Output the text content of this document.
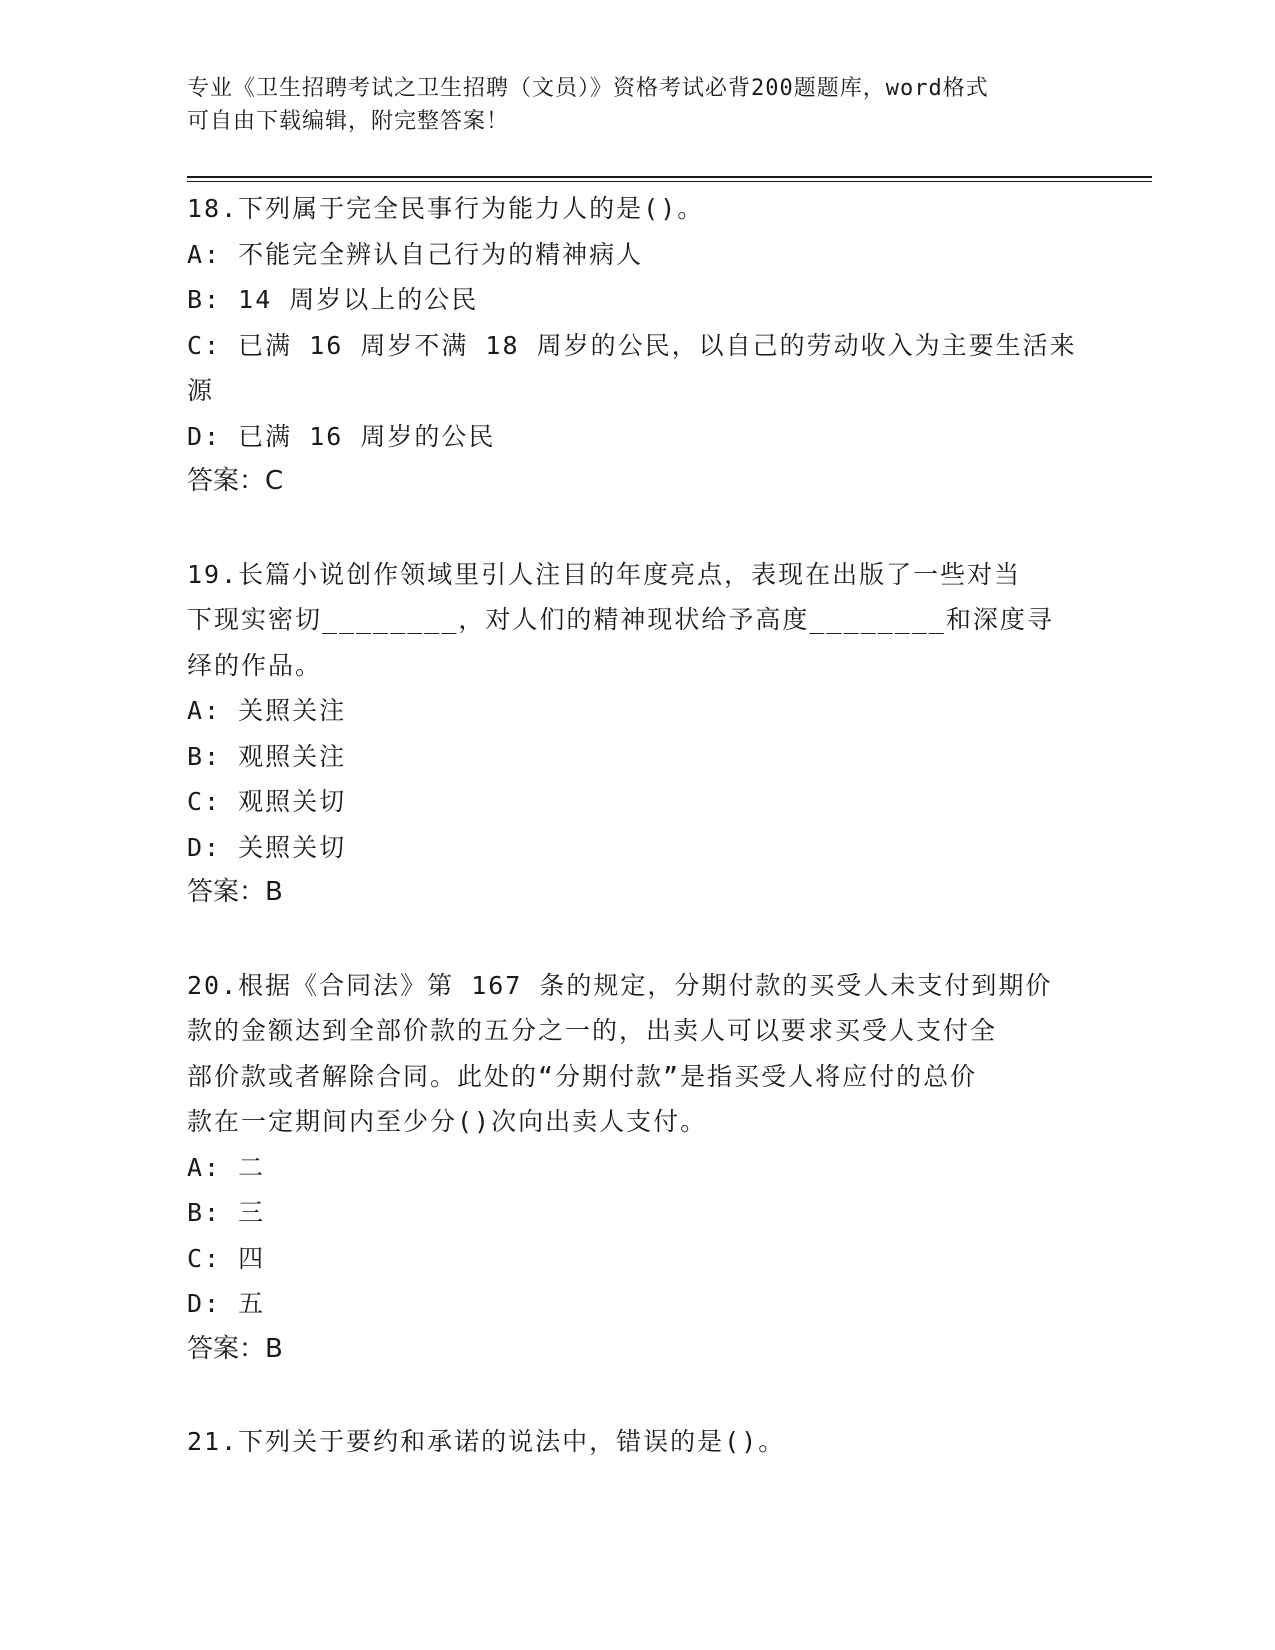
专业《卫生招聘考试之卫生招聘（文员）》资格考试必背200题题库，word格式
可自由下载编辑，附完整答案！

18.下列属于完全民事行为能力人的是()。

A: 不能完全辨认自己行为的精神病人

B: 14 周岁以上的公民

C: 已满 16 周岁不满 18 周岁的公民，以自己的劳动收入为主要生活来

源

D: 已满 16 周岁的公民

答案：C

19.长篇小说创作领域里引人注目的年度亮点，表现在出版了一些对当

下现实密切________，对人们的精神现状给予高度________和深度寻

绎的作品。

A: 关照关注

B: 观照关注

C: 观照关切

D: 关照关切

答案：B

20.根据《合同法》第 167 条的规定，分期付款的买受人未支付到期价

款的金额达到全部价款的五分之一的，出卖人可以要求买受人支付全

部价款或者解除合同。此处的“分期付款”是指买受人将应付的总价

款在一定期间内至少分()次向出卖人支付。

A: 二

B: 三

C: 四

D: 五

答案：B

21.下列关于要约和承诺的说法中，错误的是()。
